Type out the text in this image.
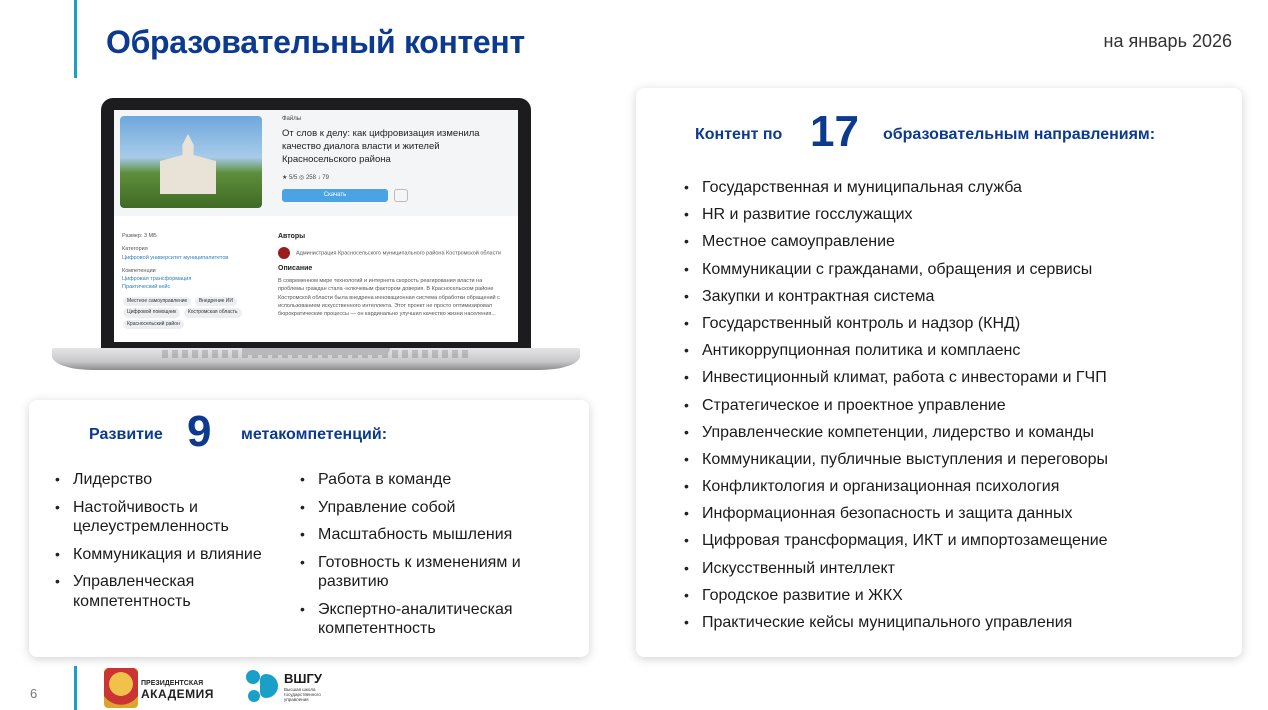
Образовательный контент	на январь 2026
Файлы
От слов к делу: как цифровизация изменила качество диалога власти и жителей Красносельского района
★ 5/5 ◎ 258 ↓ 79
Скачать
Размер: 3 МБ
Категория
Цифровой университет муниципалитетов
Компетенции
Цифровая трансформация
Практический кейс
Местное самоуправление Внедрение ИИ Цифровой помощник Костромская область Красносельский район
Авторы
Администрация Красносельского муниципального района Костромской области
Описание
В современном мире технологий и интернета скорость реагирования власти на проблемы граждан стала «ключевым фактором доверия. В Красносельском районе Костромской области была внедрена инновационная система обработки обращений с использованием искусственного интеллекта. Этот проект не просто оптимизировал бюрократические процессы — он кардинально улучшил качество жизни населения...
Развитие 9 метакомпетенций:
• Лидерство
• Настойчивость и целеустремленность
• Коммуникация и влияние
• Управленческая компетентность
• Работа в команде
• Управление собой
• Масштабность мышления
• Готовность к изменениям и развитию
• Экспертно-аналитическая компетентность
Контент по 17 образовательным направлениям:
• Государственная и муниципальная служба
• HR и развитие госслужащих
• Местное самоуправление
• Коммуникации с гражданами, обращения и сервисы
• Закупки и контрактная система
• Государственный контроль и надзор (КНД)
• Антикоррупционная политика и комплаенс
• Инвестиционный климат, работа с инвесторами и ГЧП
• Стратегическое и проектное управление
• Управленческие компетенции, лидерство и команды
• Коммуникации, публичные выступления и переговоры
• Конфликтология и организационная психология
• Информационная безопасность и защита данных
• Цифровая трансформация, ИКТ и импортозамещение
• Искусственный интеллект
• Городское развитие и ЖКХ
• Практические кейсы муниципального управления
6
ПРЕЗИДЕНТСКАЯ
АКАДЕМИЯ
ВШГУ
Высшая школа государственного управления
